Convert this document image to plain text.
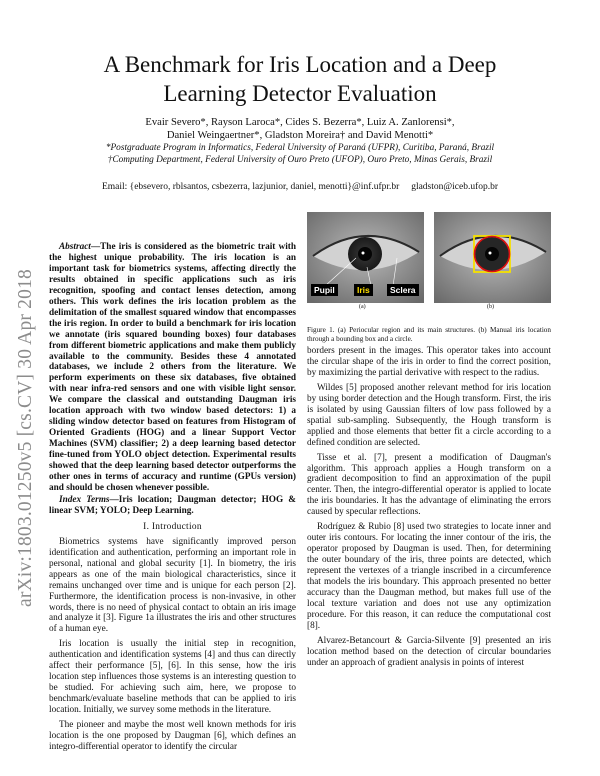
arXiv:1803.01250v5 [cs.CV] 30 Apr 2018
A Benchmark for Iris Location and a Deep Learning Detector Evaluation
Evair Severo*, Rayson Laroca*, Cides S. Bezerra*, Luiz A. Zanlorensi*,
Daniel Weingaertner*, Gladston Moreira† and David Menotti*
*Postgraduate Program in Informatics, Federal University of Paraná (UFPR), Curitiba, Paraná, Brazil
†Computing Department, Federal University of Ouro Preto (UFOP), Ouro Preto, Minas Gerais, Brazil
Email: {ebsevero, rblsantos, csbezerra, lazjunior, daniel, menotti}@inf.ufpr.br     gladston@iceb.ufop.br

Abstract—The iris is considered as the biometric trait with the highest unique probability. The iris location is an important task for biometrics systems, affecting directly the results obtained in specific applications such as iris recognition, spoofing and contact lenses detection, among others. This work defines the iris location problem as the delimitation of the smallest squared window that encompasses the iris region. In order to build a benchmark for iris location we annotate (iris squared bounding boxes) four databases from different biometric applications and make them publicly available to the community. Besides these 4 annotated databases, we include 2 others from the literature. We perform experiments on these six databases, five obtained with near infra-red sensors and one with visible light sensor. We compare the classical and outstanding Daugman iris location approach with two window based detectors: 1) a sliding window detector based on features from Histogram of Oriented Gradients (HOG) and a linear Support Vector Machines (SVM) classifier; 2) a deep learning based detector fine-tuned from YOLO object detection. Experimental results showed that the deep learning based detector outperforms the other ones in terms of accuracy and runtime (GPUs version) and should be chosen whenever possible.

Index Terms—Iris location; Daugman detector; HOG & linear SVM; YOLO; Deep Learning.

I. Introduction

Biometrics systems have significantly improved person identification and authentication, performing an important role in personal, national and global security [1]. In biometry, the iris appears as one of the main biological characteristics, since it remains unchanged over time and is unique for each person [2]. Furthermore, the identification process is non-invasive, in other words, there is no need of physical contact to obtain an iris image and analyze it [3]. Figure 1a illustrates the iris and other structures of a human eye.

Iris location is usually the initial step in recognition, authentication and identification systems [4] and thus can directly affect their performance [5], [6]. In this sense, how the iris location step influences those systems is an interesting question to be studied. For achieving such aim, here, we propose to benchmark/evaluate baseline methods that can be applied to iris location. Initially, we survey some methods in the literature.

The pioneer and maybe the most well known methods for iris location is the one proposed by Daugman [6], which defines an integro-differential operator to identify the circular

Pupil	Iris	Sclera
(a)	(b)
Figure 1. (a) Periocular region and its main structures. (b) Manual iris location through a bounding box and a circle.

borders present in the images. This operator takes into account the circular shape of the iris in order to find the correct position, by maximizing the partial derivative with respect to the radius.

Wildes [5] proposed another relevant method for iris location by using border detection and the Hough transform. First, the iris is isolated by using Gaussian filters of low pass followed by a spatial sub-sampling. Subsequently, the Hough transform is applied and those elements that better fit a circle according to a defined condition are selected.

Tisse et al. [7], present a modification of Daugman's algorithm. This approach applies a Hough transform on a gradient decomposition to find an approximation of the pupil center. Then, the integro-differential operator is applied to locate the iris boundaries. It has the advantage of eliminating the errors caused by specular reflections.

Rodríguez & Rubio [8] used two strategies to locate inner and outer iris contours. For locating the inner contour of the iris, the operator proposed by Daugman is used. Then, for determining the outer boundary of the iris, three points are detected, which represent the vertexes of a triangle inscribed in a circumference that models the iris boundary. This approach presented no better accuracy than the Daugman method, but makes full use of the local texture variation and does not use any optimization procedure. For this reason, it can reduce the computational cost [8].

Alvarez-Betancourt & Garcia-Silvente [9] presented an iris location method based on the detection of circular boundaries under an approach of gradient analysis in points of interest
